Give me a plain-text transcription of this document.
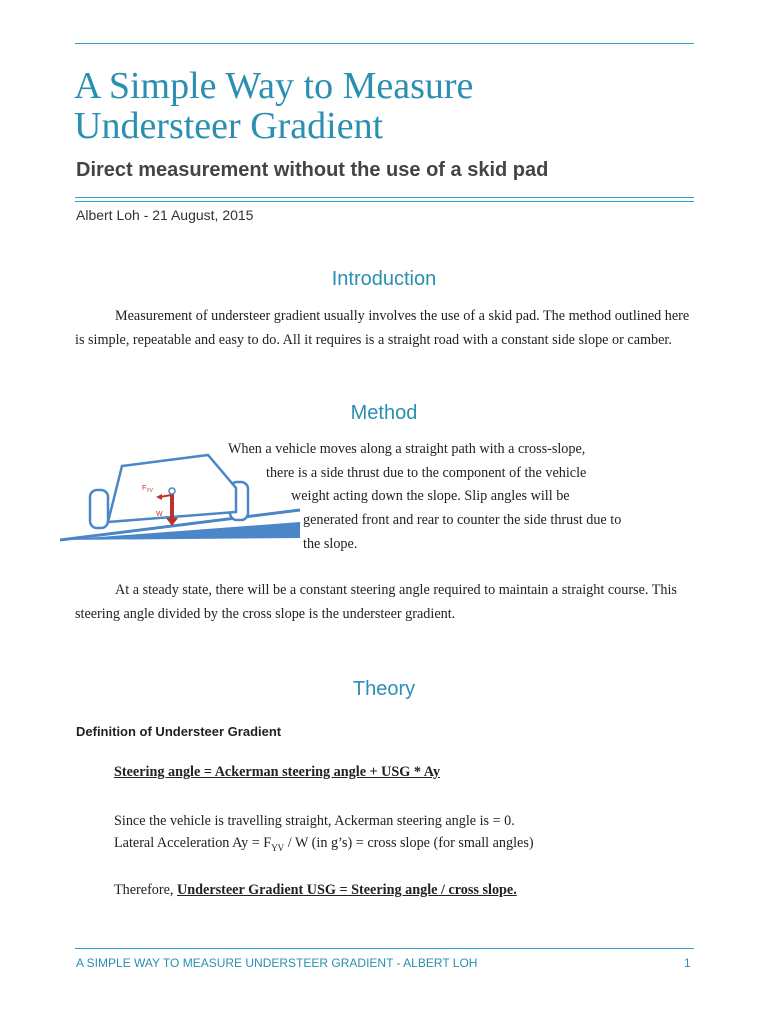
A Simple Way to Measure
Understeer Gradient

Direct measurement without the use of a skid pad

Albert Loh - 21 August, 2015

Introduction

Measurement of understeer gradient usually involves the use of a skid pad. The method outlined here is simple, repeatable and easy to do. All it requires is a straight road with a constant side slope or camber.

Method
$F_{YV}$
W

When a vehicle moves along a straight path with a cross-slope,

there is a side thrust due to the component of the vehicle

weight acting down the slope. Slip angles will be

generated front and rear to counter the side thrust due to

the slope.

At a steady state, there will be a constant steering angle required to maintain a straight course. This steering angle divided by the cross slope is the understeer gradient.

Theory

Definition of Understeer Gradient

Steering angle = Ackerman steering angle + USG * Ay

Since the vehicle is travelling straight, Ackerman steering angle is = 0.

Lateral Acceleration $Ay = F_{YV} / W$ (in g’s) = cross slope (for small angles)

Therefore, Understeer Gradient USG = Steering angle / cross slope.

A SIMPLE WAY TO MEASURE UNDERSTEER GRADIENT - ALBERT LOH	1
